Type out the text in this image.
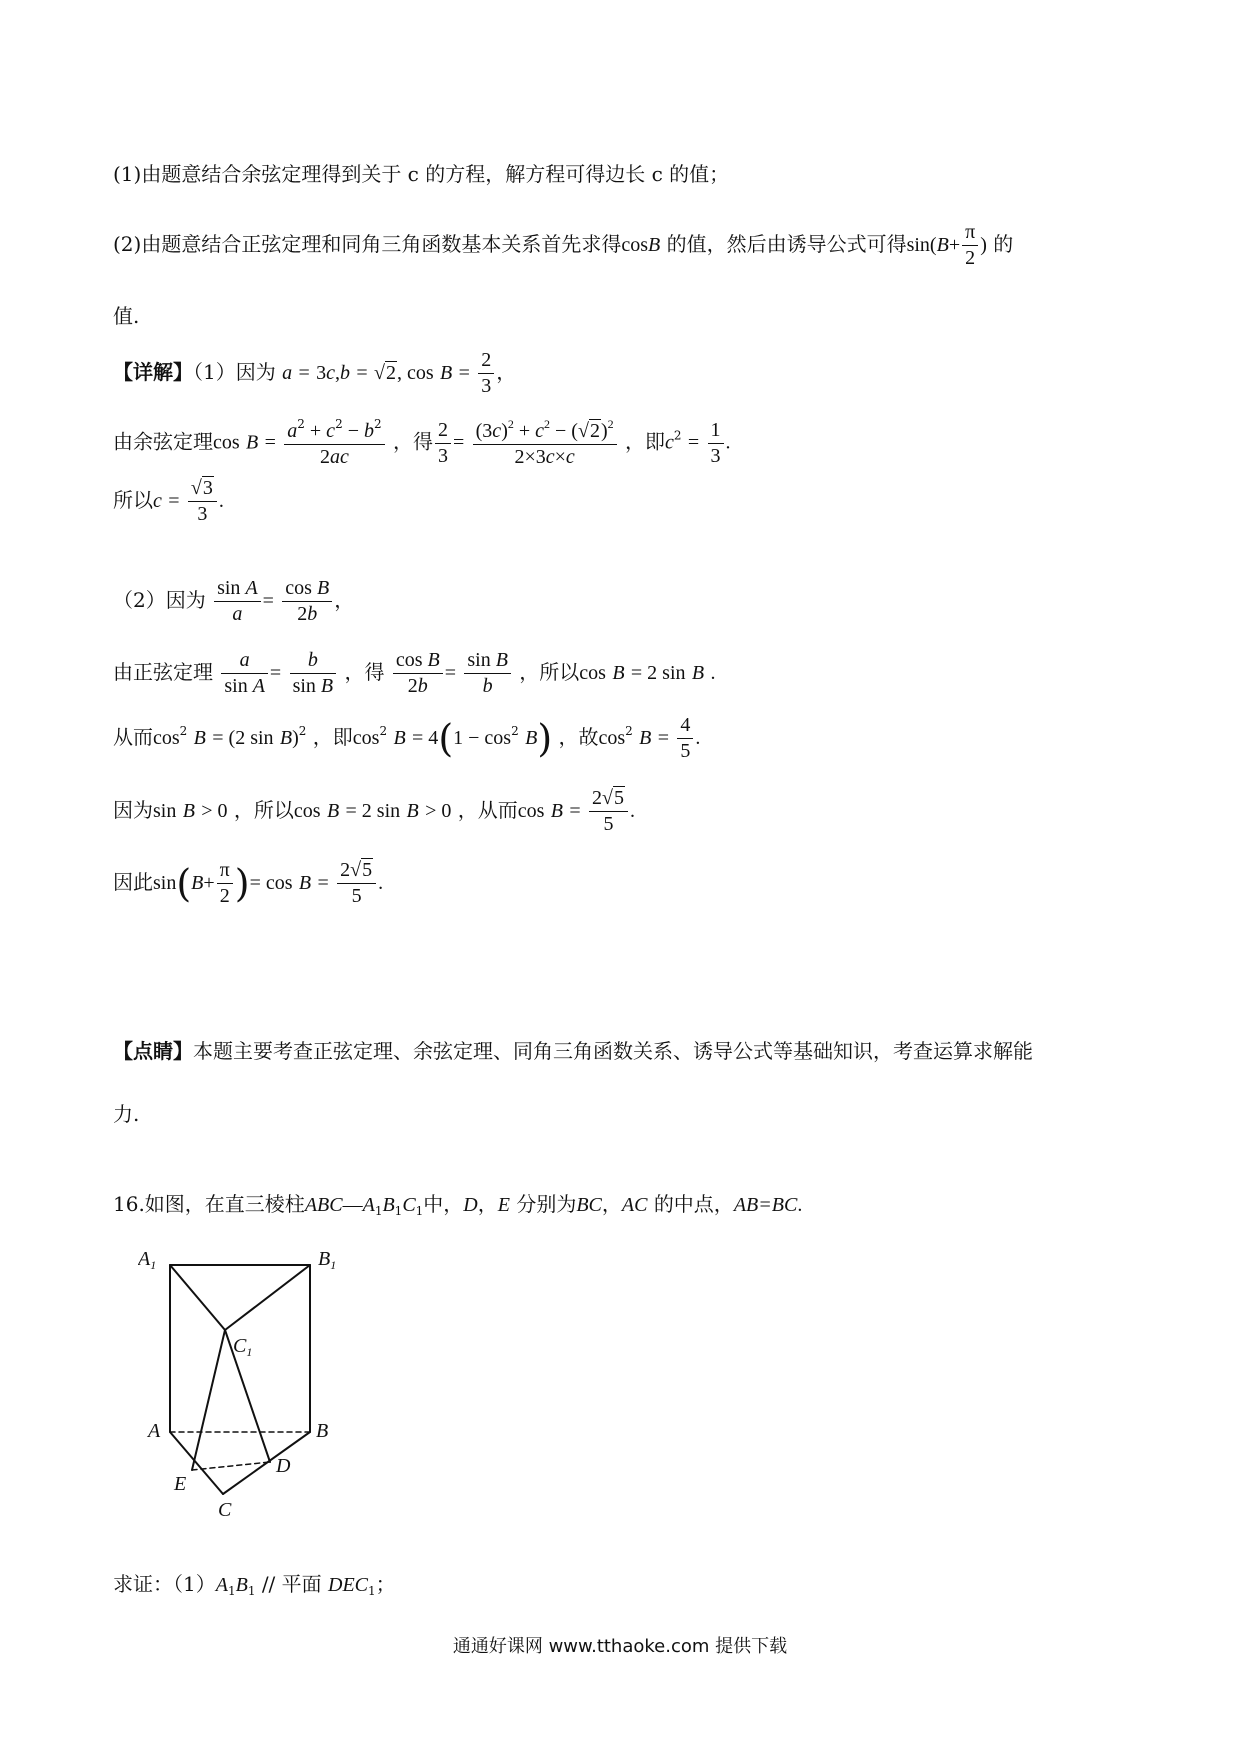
(1)由题意结合余弦定理得到关于 c 的方程，解方程可得边长 c 的值；
(2)由题意结合正弦定理和同角三角函数基本关系首先求得cosB 的值，然后由诱导公式可得$\sin(B+ \frac{\pi}{2}$ ) 的
值.
【详解】（1）因为 a = 3c,b = √2, $\cos B = \frac{2}{3}$ ，
由余弦定理$\cos B = \frac{a^2 + c^2 - b^2}{2ac}$ ，得 $\frac{2}{3} = \frac{(3c)^2 + c^2 - (√2)^2}{2\times 3c\times c}$ ，即$c^2 = \frac{1}{3}$ .
所以$c = \frac{√3}{3}$ .
（2）因为 $\frac{\text{sin A}}{a} = \frac{\text{cos B}}{2b}$ ，
由正弦定理 $\frac{a}{\text{sin A}} = \frac{b}{\text{sin B}}$ ，得 $\frac{\text{cos B}}{2b} = \frac{\text{sin B}}{b}$ ，所以cos B = 2 sin B .
从而$\cos^2 B = (2$ sin B)$^2$ ，即$\cos^2 B = 4(1 - \cos^2 B)$ ，故$\cos^2 B = \frac{4}{5}$ .
因为sin B > 0 ，所以cos B = 2 sin B > 0 ，从而$\cos B = \frac{2√5}{5}$ .
因此$\sin(B+ \frac{\pi}{2}$ )= $\cos B = \frac{2√5}{5}$ .
【点睛】本题主要考查正弦定理、余弦定理、同角三角函数关系、诱导公式等基础知识，考查运算求解能
力.
16.如图，在直三棱柱$ABC—A_1B_1C_1$中，D，E 分别为BC，AC 的中点，AB=BC.
$A_1$	$B_1$
$C_1$
A	B
E
D
C
求证：$(1)A_1B_1$ // 平面 $DEC_1$；
通通好课网 www.tthaoke.com 提供下载
